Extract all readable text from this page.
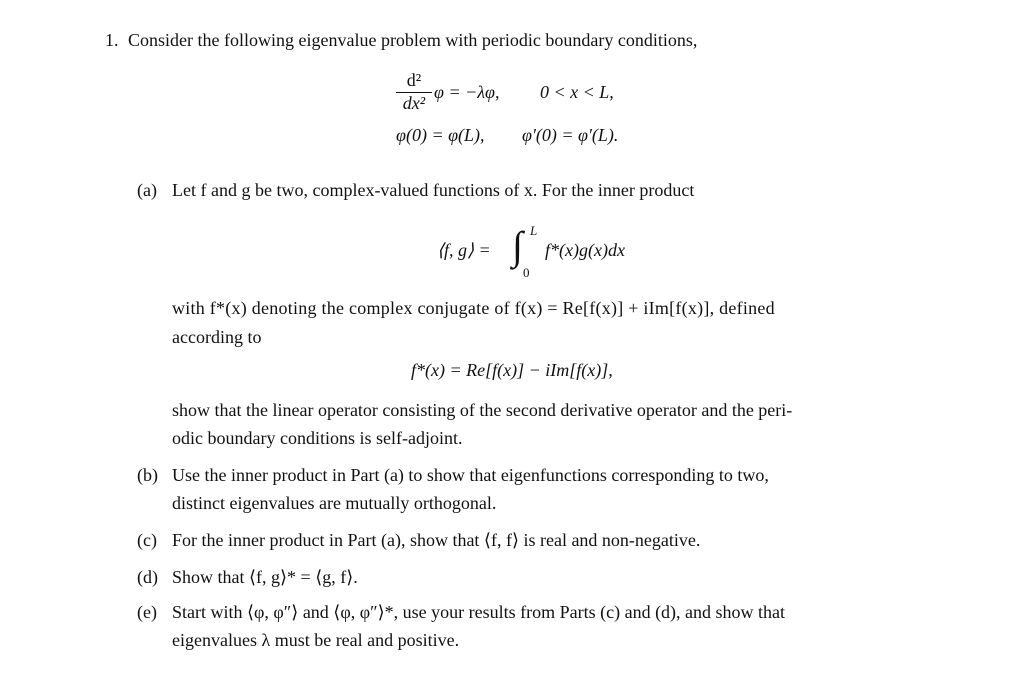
1. Consider the following eigenvalue problem with periodic boundary conditions,
d²
dx²
φ = −λφ, 0 < x < L,
φ(0) = φ(L), φ′(0) = φ′(L).
(a) Let f and g be two, complex-valued functions of x. For the inner product
⟨f, g⟩ = ∫ L
0
f*(x)g(x)dx
with f*(x) denoting the complex conjugate of f(x) = Re[f(x)] + iIm[f(x)], defined
according to
f*(x) = Re[f(x)] − iIm[f(x)],
show that the linear operator consisting of the second derivative operator and the peri-
odic boundary conditions is self-adjoint.
(b) Use the inner product in Part (a) to show that eigenfunctions corresponding to two,
distinct eigenvalues are mutually orthogonal.
(c) For the inner product in Part (a), show that ⟨f, f⟩ is real and non-negative.
(d) Show that ⟨f, g⟩* = ⟨g, f⟩.
(e) Start with ⟨φ, φ″⟩ and ⟨φ, φ″⟩*, use your results from Parts (c) and (d), and show that
eigenvalues λ must be real and positive.
